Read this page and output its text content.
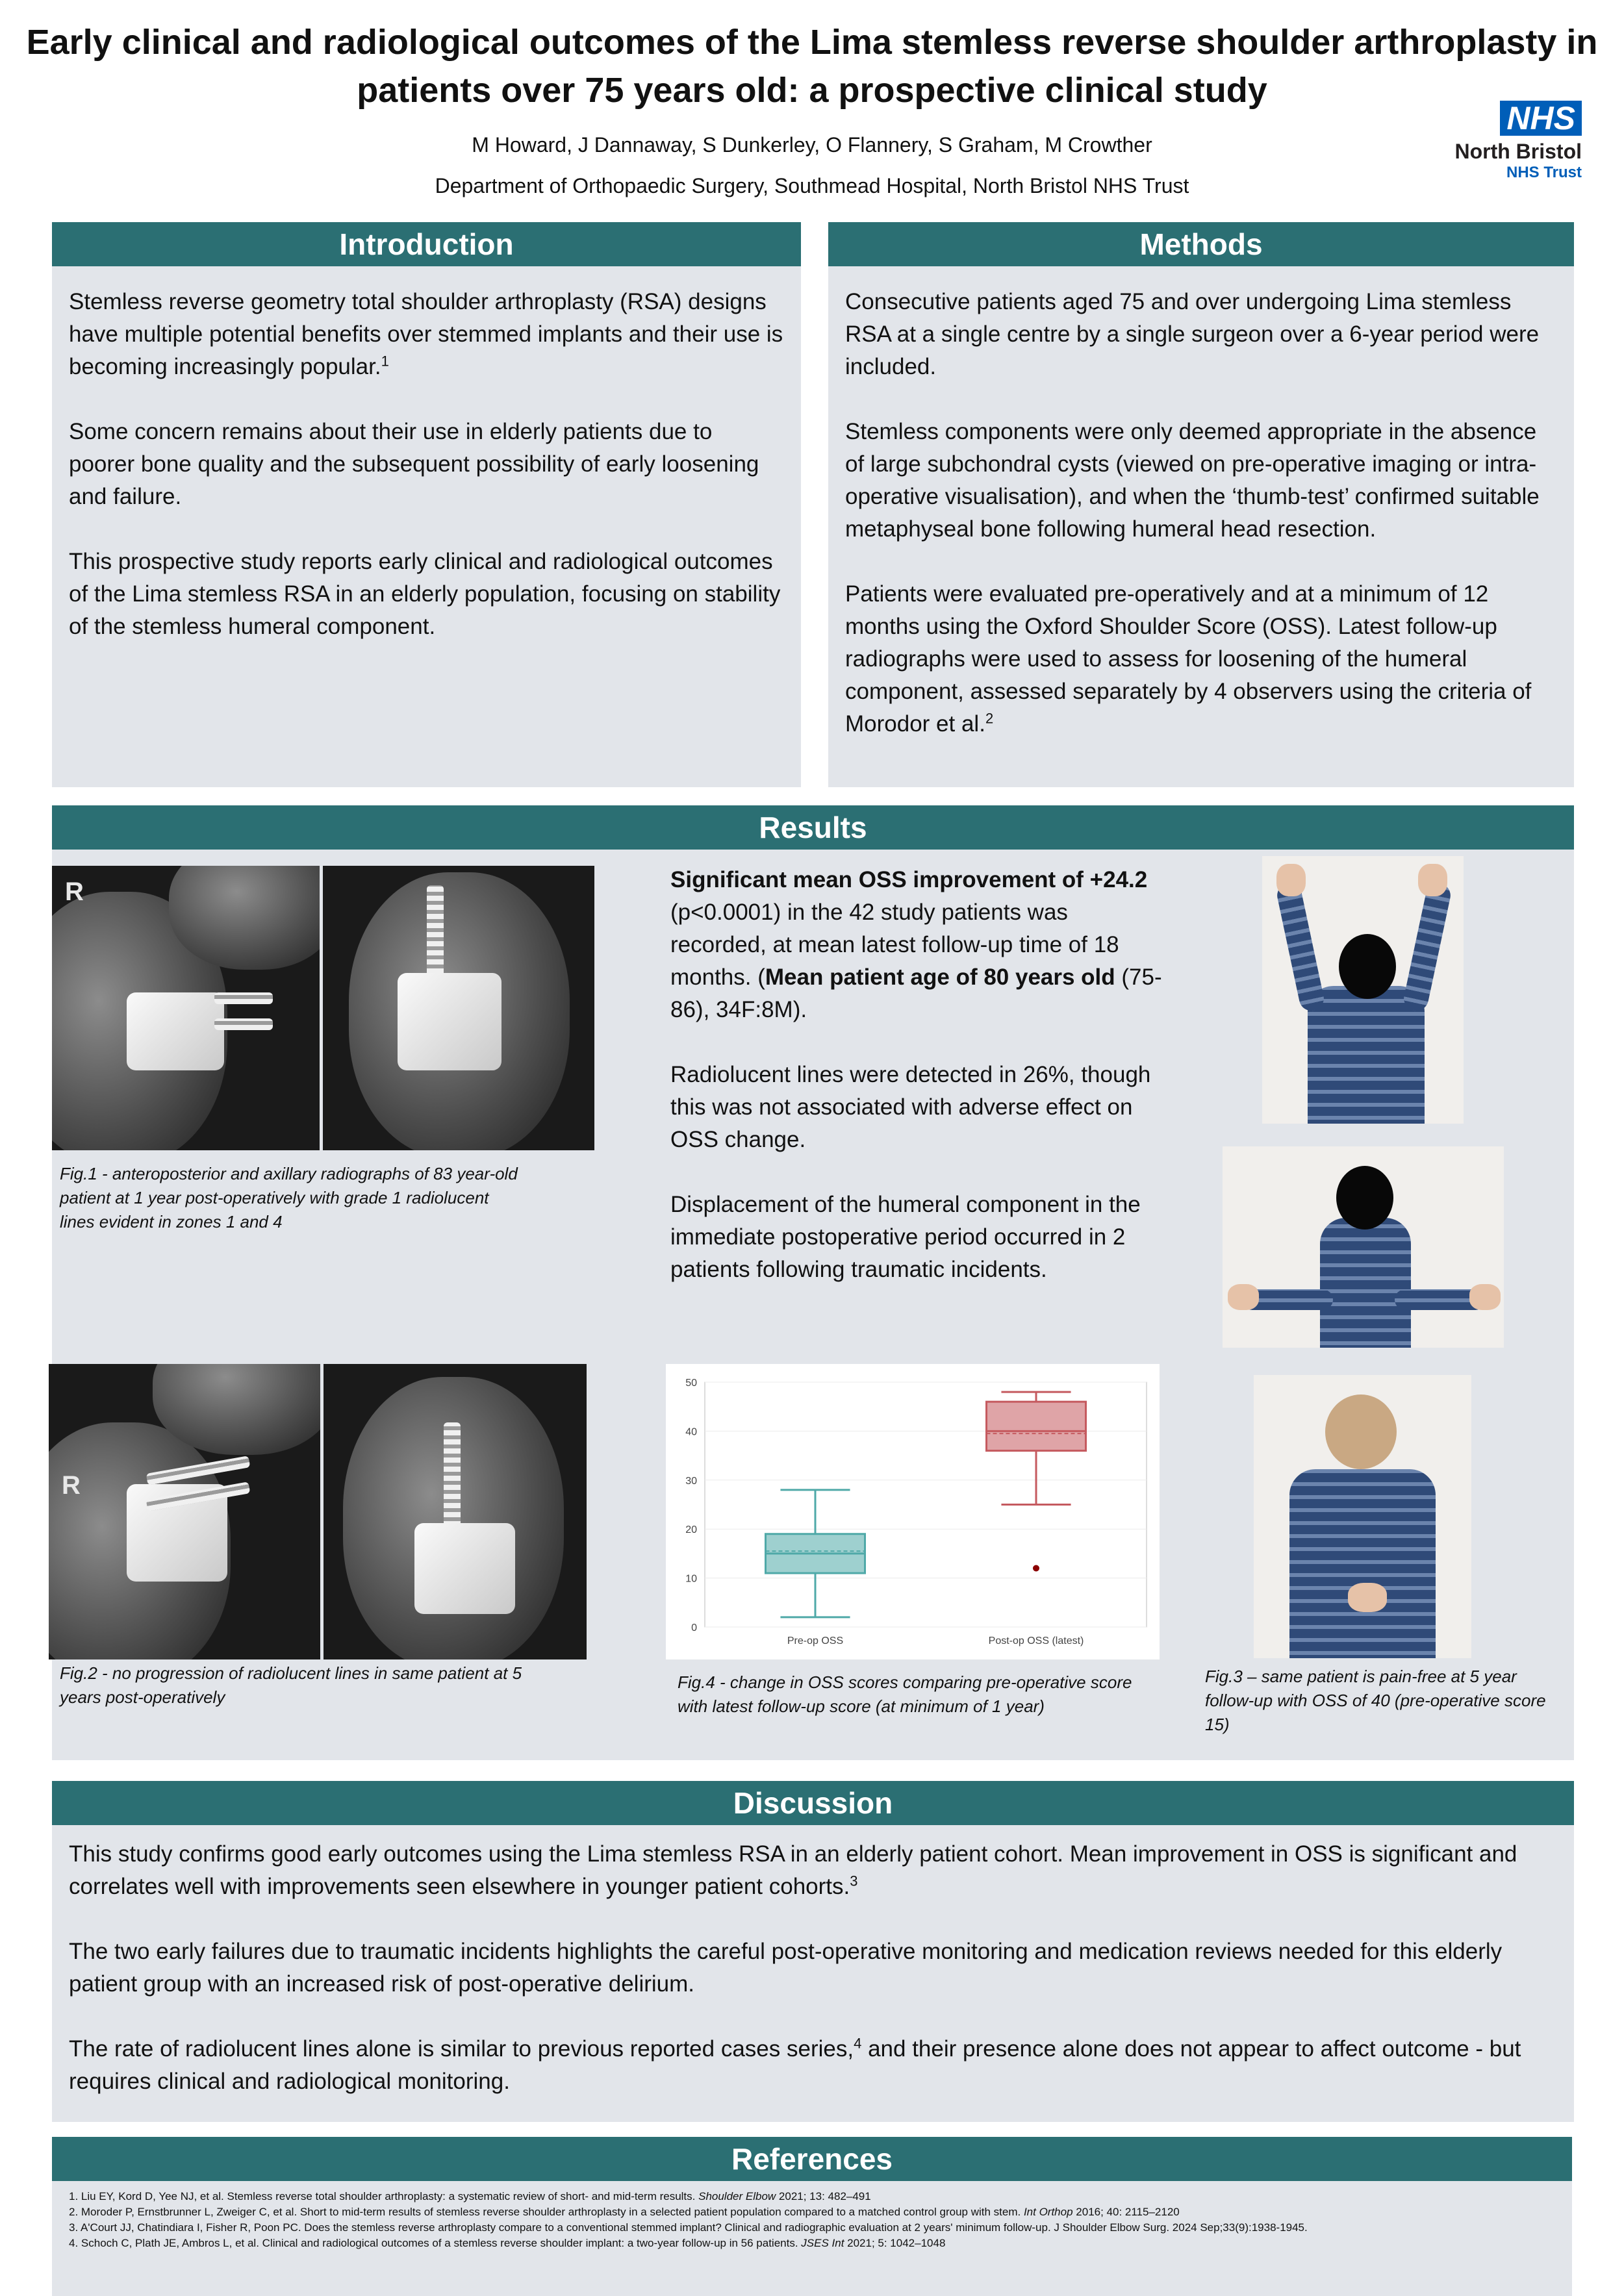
Early clinical and radiological outcomes of the Lima stemless reverse shoulder arthroplasty in patients over 75 years old: a prospective clinical study
M Howard, J Dannaway, S Dunkerley, O Flannery, S Graham, M Crowther
Department of Orthopaedic Surgery, Southmead Hospital, North Bristol NHS Trust
NHS
North Bristol
NHS Trust
Introduction

Stemless reverse geometry total shoulder arthroplasty (RSA) designs have multiple potential benefits over stemmed implants and their use is becoming increasingly popular.$^1$

Some concern remains about their use in elderly patients due to poorer bone quality and the subsequent possibility of early loosening and failure.

This prospective study reports early clinical and radiological outcomes of the Lima stemless RSA in an elderly population, focusing on stability of the stemless humeral component.

Methods

Consecutive patients aged 75 and over undergoing Lima stemless RSA at a single centre by a single surgeon over a 6-year period were included.

Stemless components were only deemed appropriate in the absence of large subchondral cysts (viewed on pre-operative imaging or intra-operative visualisation), and when the ‘thumb-test’ confirmed suitable metaphyseal bone following humeral head resection.

Patients were evaluated pre-operatively and at a minimum of 12 months using the Oxford Shoulder Score (OSS). Latest follow-up radiographs were used to assess for loosening of the humeral component, assessed separately by 4 observers using the criteria of Morodor et al.$^2$

Results
R
Fig.1 - anteroposterior and axillary radiographs of 83 year-old patient at 1 year post-operatively with grade 1 radiolucent lines evident in zones 1 and 4

Significant mean OSS improvement of +24.2 (p<0.0001) in the 42 study patients was recorded, at mean latest follow-up time of 18 months. (Mean patient age of 80 years old (75-86), 34F:8M).

Radiolucent lines were detected in 26%, though this was not associated with adverse effect on OSS change.

Displacement of the humeral component in the immediate postoperative period occurred in 2 patients following traumatic incidents.

R
Fig.2 - no progression of radiolucent lines in same patient at 5 years post-operatively
0
10
20
30
40
50
Pre-op OSS	Post-op OSS (latest)
Fig.4 - change in OSS scores comparing pre-operative score with latest follow-up score (at minimum of 1 year)
Fig.3 – same patient is pain-free at 5 year follow-up with OSS of 40 (pre-operative score 15)
Discussion

This study confirms good early outcomes using the Lima stemless RSA in an elderly patient cohort. Mean improvement in OSS is significant and correlates well with improvements seen elsewhere in younger patient cohorts.$^3$

The two early failures due to traumatic incidents highlights the careful post-operative monitoring and medication reviews needed for this elderly patient group with an increased risk of post-operative delirium.

The rate of radiolucent lines alone is similar to previous reported cases series,$^4$ and their presence alone does not appear to affect outcome - but requires clinical and radiological monitoring.

References
1. Liu EY, Kord D, Yee NJ, et al. Stemless reverse total shoulder arthroplasty: a systematic review of short- and mid-term results. Shoulder Elbow 2021; 13: 482–491
2. Moroder P, Ernstbrunner L, Zweiger C, et al. Short to mid-term results of stemless reverse shoulder arthroplasty in a selected patient population compared to a matched control group with stem. Int Orthop 2016; 40: 2115–2120
3. A'Court JJ, Chatindiara I, Fisher R, Poon PC. Does the stemless reverse arthroplasty compare to a conventional stemmed implant? Clinical and radiographic evaluation at 2 years' minimum follow-up. J Shoulder Elbow Surg. 2024 Sep;33(9):1938-1945.
4. Schoch C, Plath JE, Ambros L, et al. Clinical and radiological outcomes of a stemless reverse shoulder implant: a two-year follow-up in 56 patients. JSES Int 2021; 5: 1042–1048
